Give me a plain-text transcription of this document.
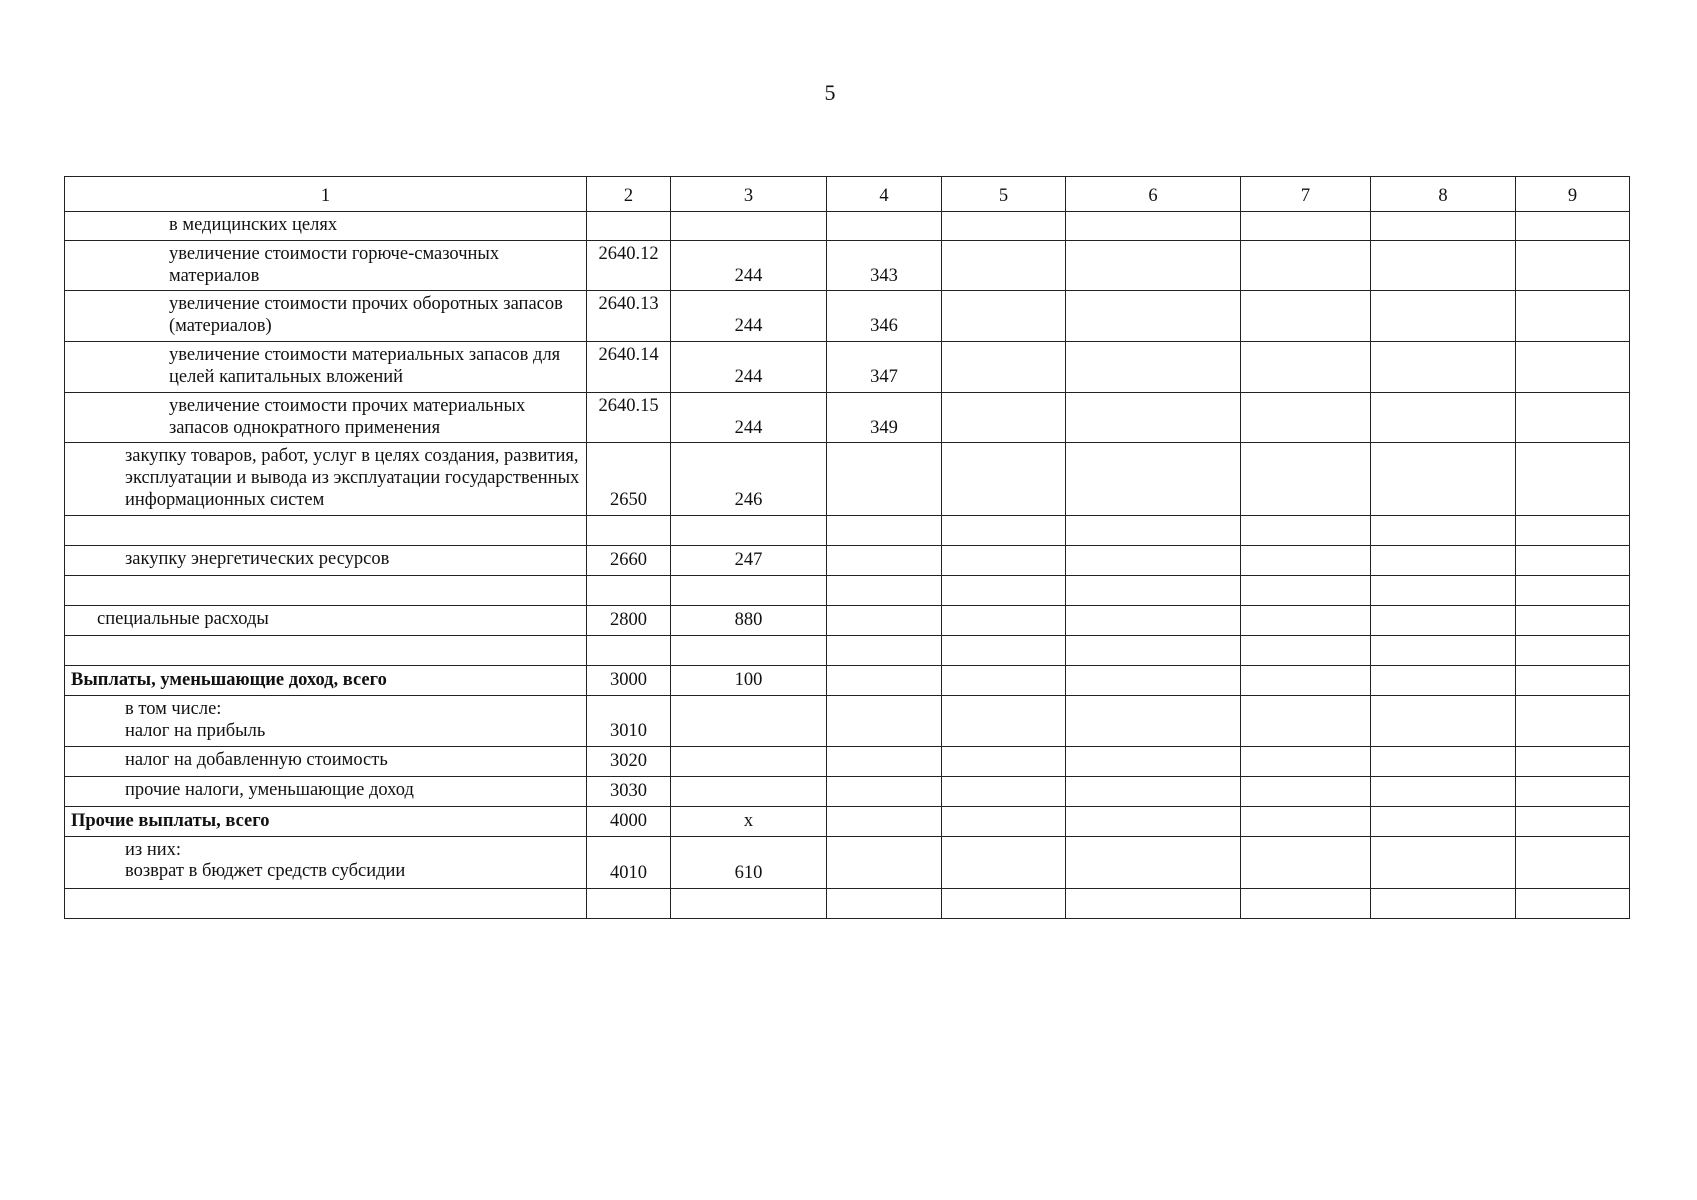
5
1	2	3	4	5	6	7	8	9

в медицинских целях								

увеличение стоимости горюче-смазочных материалов	2640.12	244	343					

увеличение стоимости прочих оборотных запасов (материалов)	2640.13	244	346					

увеличение стоимости материальных запасов для целей капитальных вложений	2640.14	244	347					

увеличение стоимости прочих материальных запасов однократного применения	2640.15	244	349					

закупку товаров, работ, услуг в целях создания, развития, эксплуатации и вывода из эксплуатации государственных информационных систем	2650	246						

закупку энергетических ресурсов	2660	247						

специальные расходы	2800	880						

Выплаты, уменьшающие доход, всего	3000	100						

в том числе:
налог на прибыль	3010							

налог на добавленную стоимость	3020							

прочие налоги, уменьшающие доход	3030							

Прочие выплаты, всего	4000	х						

из них:
возврат в бюджет средств субсидии	4010	610						
